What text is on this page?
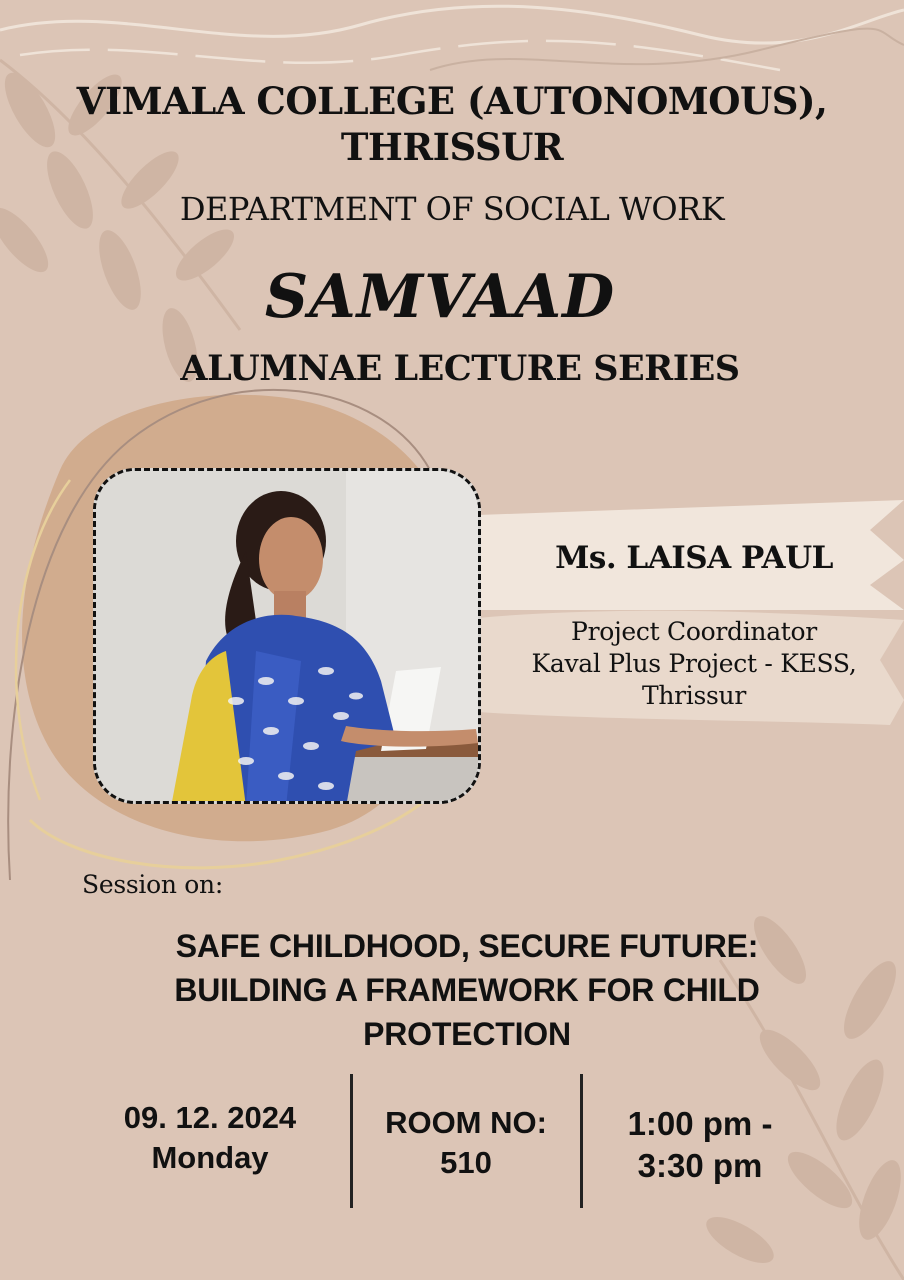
VIMALA COLLEGE (AUTONOMOUS),
THRISSUR
DEPARTMENT OF SOCIAL WORK
SAMVAAD
ALUMNAE LECTURE SERIES
Ms. LAISA PAUL
Project Coordinator
Kaval Plus Project - KESS,
Thrissur
Session on:
SAFE CHILDHOOD, SECURE FUTURE:
BUILDING A FRAMEWORK FOR CHILD
PROTECTION
09. 12. 2024
Monday
ROOM NO:
510
1:00 pm -
3:30 pm
